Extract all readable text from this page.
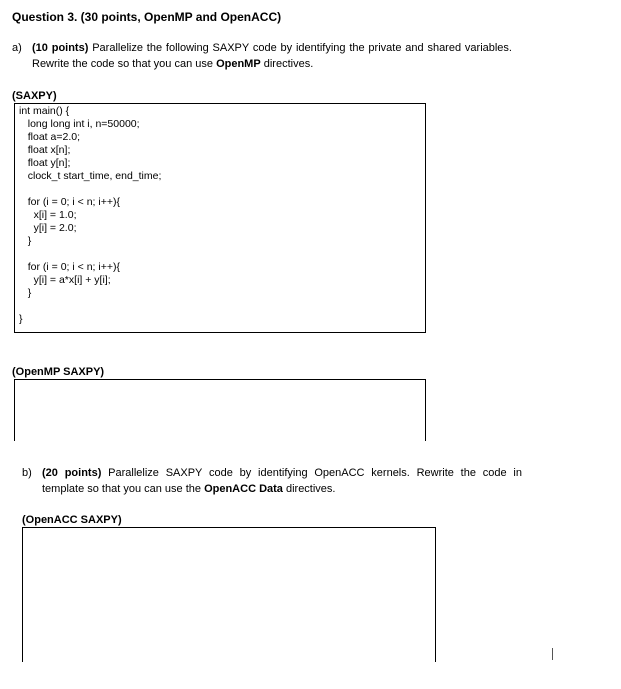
Question 3. (30 points, OpenMP and OpenACC)
a) (10 points) Parallelize the following SAXPY code by identifying the private and shared variables. Rewrite the code so that you can use OpenMP directives.
(SAXPY)
int main() {
long long int i, n=50000;
float a=2.0;
float x[n];
float y[n];
clock_t start_time, end_time;
for (i = 0; i < n; i++){
x[i] = 1.0;
y[i] = 2.0;
}
for (i = 0; i < n; i++){
y[i] = a*x[i] + y[i];
}
}
(OpenMP SAXPY)
b) (20 points) Parallelize SAXPY code by identifying OpenACC kernels. Rewrite the code in template so that you can use the OpenACC Data directives.
(OpenACC SAXPY)
